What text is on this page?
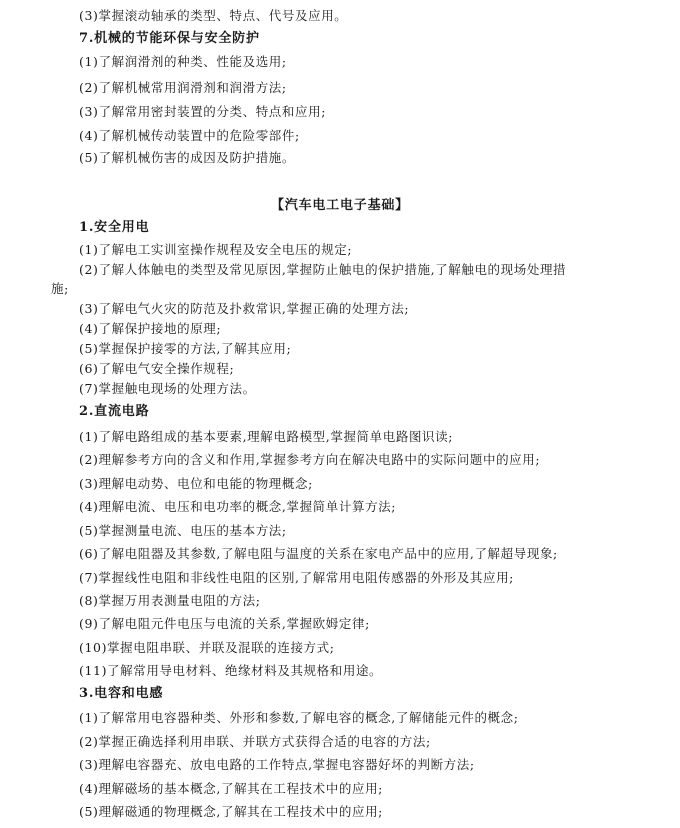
(3)掌握滚动轴承的类型、特点、代号及应用。
7.机械的节能环保与安全防护
(1)了解润滑剂的种类、性能及选用;
(2)了解机械常用润滑剂和润滑方法;
(3)了解常用密封装置的分类、特点和应用;
(4)了解机械传动装置中的危险零部件;
(5)了解机械伤害的成因及防护措施。
【汽车电工电子基础】
1.安全用电
(1)了解电工实训室操作规程及安全电压的规定;
(2)了解人体触电的类型及常见原因,掌握防止触电的保护措施,了解触电的现场处理措
施;
(3)了解电气火灾的防范及扑救常识,掌握正确的处理方法;
(4)了解保护接地的原理;
(5)掌握保护接零的方法,了解其应用;
(6)了解电气安全操作规程;
(7)掌握触电现场的处理方法。
2.直流电路
(1)了解电路组成的基本要素,理解电路模型,掌握简单电路图识读;
(2)理解参考方向的含义和作用,掌握参考方向在解决电路中的实际问题中的应用;
(3)理解电动势、电位和电能的物理概念;
(4)理解电流、电压和电功率的概念,掌握简单计算方法;
(5)掌握测量电流、电压的基本方法;
(6)了解电阻器及其参数,了解电阻与温度的关系在家电产品中的应用,了解超导现象;
(7)掌握线性电阻和非线性电阻的区别,了解常用电阻传感器的外形及其应用;
(8)掌握万用表测量电阻的方法;
(9)了解电阻元件电压与电流的关系,掌握欧姆定律;
(10)掌握电阻串联、并联及混联的连接方式;
(11)了解常用导电材料、绝缘材料及其规格和用途。
3.电容和电感
(1)了解常用电容器种类、外形和参数,了解电容的概念,了解储能元件的概念;
(2)掌握正确选择利用串联、并联方式获得合适的电容的方法;
(3)理解电容器充、放电电路的工作特点,掌握电容器好坏的判断方法;
(4)理解磁场的基本概念,了解其在工程技术中的应用;
(5)理解磁通的物理概念,了解其在工程技术中的应用;
